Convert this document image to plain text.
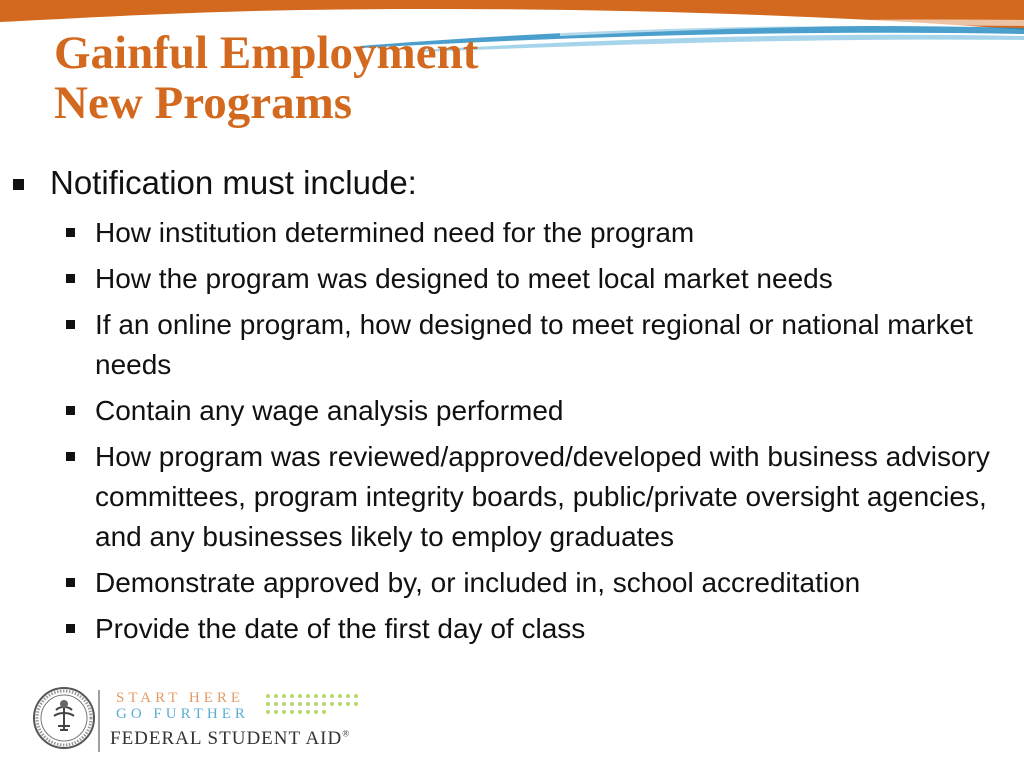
Gainful Employment
New Programs

Notification must include:

How institution determined need for the program

How the program was designed to meet local market needs

If an online program, how designed to meet regional or national market needs

Contain any wage analysis performed

How program was reviewed/approved/developed with business advisory committees, program integrity boards, public/private oversight agencies, and any businesses likely to employ graduates

Demonstrate approved by, or included in, school accreditation

Provide the date of the first day of class

START HERE
GO FURTHER
FEDERAL STUDENT AID®
